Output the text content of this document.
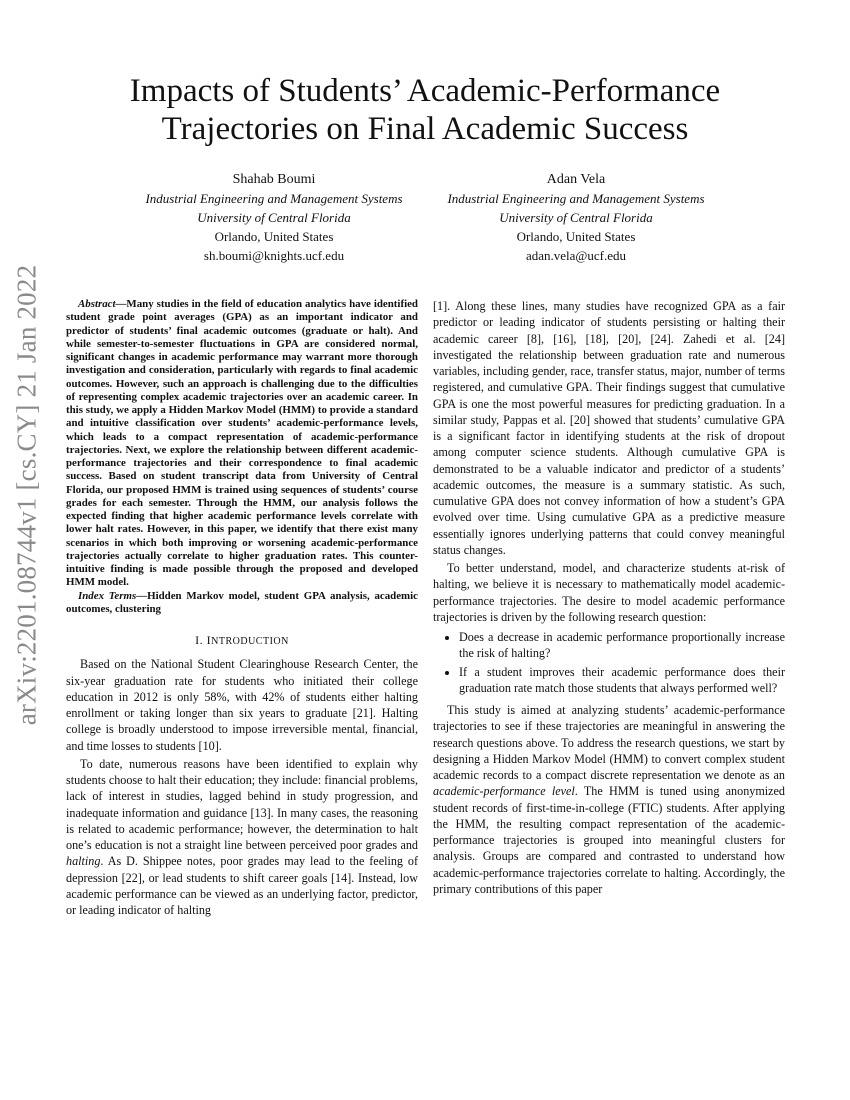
arXiv:2201.08744v1 [cs.CY] 21 Jan 2022
Impacts of Students’ Academic-Performance
Trajectories on Final Academic Success
Shahab Boumi
Industrial Engineering and Management Systems
University of Central Florida
Orlando, United States
sh.boumi@knights.ucf.edu
Adan Vela
Industrial Engineering and Management Systems
University of Central Florida
Orlando, United States
adan.vela@ucf.edu

Abstract—Many studies in the field of education analytics have identified student grade point averages (GPA) as an important indicator and predictor of students’ final academic outcomes (graduate or halt). And while semester-to-semester fluctuations in GPA are considered normal, significant changes in academic performance may warrant more thorough investigation and consideration, particularly with regards to final academic outcomes. However, such an approach is challenging due to the difficulties of representing complex academic trajectories over an academic career. In this study, we apply a Hidden Markov Model (HMM) to provide a standard and intuitive classification over students’ academic-performance levels, which leads to a compact representation of academic-performance trajectories. Next, we explore the relationship between different academic-performance trajectories and their correspondence to final academic success. Based on student transcript data from University of Central Florida, our proposed HMM is trained using sequences of students’ course grades for each semester. Through the HMM, our analysis follows the expected finding that higher academic performance levels correlate with lower halt rates. However, in this paper, we identify that there exist many scenarios in which both improving or worsening academic-performance trajectories actually correlate to higher graduation rates. This counter-intuitive finding is made possible through the proposed and developed HMM model.

Index Terms—Hidden Markov model, student GPA analysis, academic outcomes, clustering

I. INTRODUCTION

Based on the National Student Clearinghouse Research Center, the six-year graduation rate for students who initiated their college education in 2012 is only 58%, with 42% of students either halting enrollment or taking longer than six years to graduate [21]. Halting college is broadly understood to impose irreversible mental, financial, and time losses to students [10].

To date, numerous reasons have been identified to explain why students choose to halt their education; they include: financial problems, lack of interest in studies, lagged behind in study progression, and inadequate information and guidance [13]. In many cases, the reasoning is related to academic performance; however, the determination to halt one’s education is not a straight line between perceived poor grades and halting. As D. Shippee notes, poor grades may lead to the feeling of depression [22], or lead students to shift career goals [14]. Instead, low academic performance can be viewed as an underlying factor, predictor, or leading indicator of halting

[1]. Along these lines, many studies have recognized GPA as a fair predictor or leading indicator of students persisting or halting their academic career [8], [16], [18], [20], [24]. Zahedi et al. [24] investigated the relationship between graduation rate and numerous variables, including gender, race, transfer status, major, number of terms registered, and cumulative GPA. Their findings suggest that cumulative GPA is one the most powerful measures for predicting graduation. In a similar study, Pappas et al. [20] showed that students’ cumulative GPA is a significant factor in identifying students at the risk of dropout among computer science students. Although cumulative GPA is demonstrated to be a valuable indicator and predictor of a students’ academic outcomes, the measure is a summary statistic. As such, cumulative GPA does not convey information of how a student’s GPA evolved over time. Using cumulative GPA as a predictive measure essentially ignores underlying patterns that could convey meaningful status changes.

To better understand, model, and characterize students at-risk of halting, we believe it is necessary to mathematically model academic-performance trajectories. The desire to model academic performance trajectories is driven by the following research question:

• Does a decrease in academic performance proportionally increase the risk of halting?
• If a student improves their academic performance does their graduation rate match those students that always performed well?

This study is aimed at analyzing students’ academic-performance trajectories to see if these trajectories are meaningful in answering the research questions above. To address the research questions, we start by designing a Hidden Markov Model (HMM) to convert complex student academic records to a compact discrete representation we denote as an academic-performance level. The HMM is tuned using anonymized student records of first-time-in-college (FTIC) students. After applying the HMM, the resulting compact representation of the academic-performance trajectories is grouped into meaningful clusters for analysis. Groups are compared and contrasted to understand how academic-performance trajectories correlate to halting. Accordingly, the primary contributions of this paper
